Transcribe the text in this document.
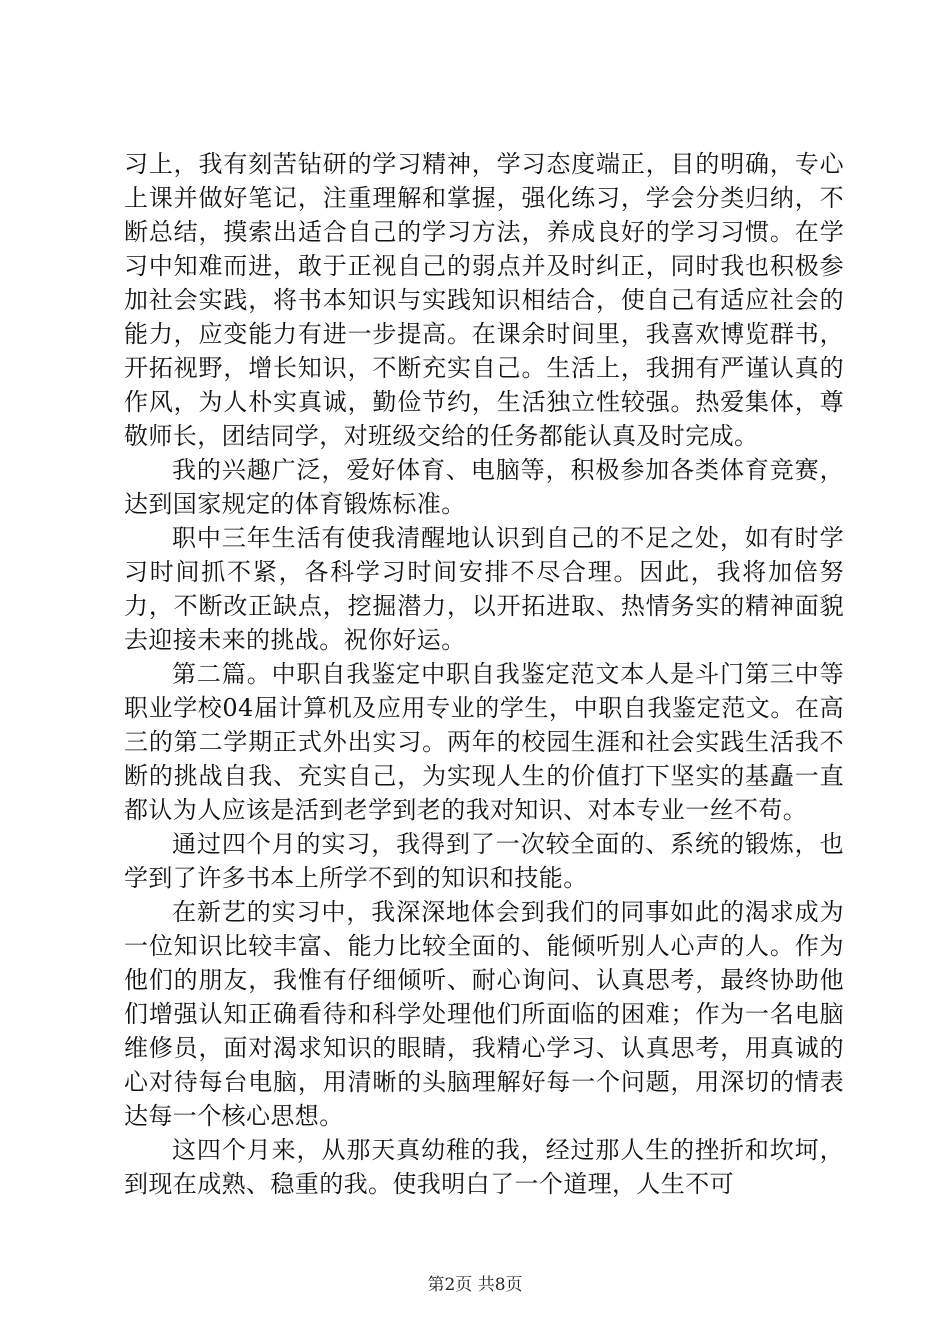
习上，我有刻苦钻研的学习精神，学习态度端正，目的明确，专心上课并做好笔记，注重理解和掌握，强化练习，学会分类归纳，不断总结，摸索出适合自己的学习方法，养成良好的学习习惯。在学习中知难而进，敢于正视自己的弱点并及时纠正，同时我也积极参加社会实践，将书本知识与实践知识相结合，使自己有适应社会的能力，应变能力有进一步提高。在课余时间里，我喜欢博览群书，开拓视野，增长知识，不断充实自己。生活上，我拥有严谨认真的作风，为人朴实真诚，勤俭节约，生活独立性较强。热爱集体，尊敬师长，团结同学，对班级交给的任务都能认真及时完成。

我的兴趣广泛，爱好体育、电脑等，积极参加各类体育竞赛，达到国家规定的体育锻炼标准。

职中三年生活有使我清醒地认识到自己的不足之处，如有时学习时间抓不紧，各科学习时间安排不尽合理。因此，我将加倍努力，不断改正缺点，挖掘潜力，以开拓进取、热情务实的精神面貌去迎接未来的挑战。祝你好运。

第二篇。中职自我鉴定中职自我鉴定范文本人是斗门第三中等职业学校04届计算机及应用专业的学生，中职自我鉴定范文。在高三的第二学期正式外出实习。两年的校园生涯和社会实践生活我不断的挑战自我、充实自己，为实现人生的价值打下坚实的基矗一直都认为人应该是活到老学到老的我对知识、对本专业一丝不苟。

通过四个月的实习，我得到了一次较全面的、系统的锻炼，也学到了许多书本上所学不到的知识和技能。

在新艺的实习中，我深深地体会到我们的同事如此的渴求成为一位知识比较丰富、能力比较全面的、能倾听别人心声的人。作为他们的朋友，我惟有仔细倾听、耐心询问、认真思考，最终协助他们增强认知正确看待和科学处理他们所面临的困难；作为一名电脑维修员，面对渴求知识的眼睛，我精心学习、认真思考，用真诚的心对待每台电脑，用清晰的头脑理解好每一个问题，用深切的情表达每一个核心思想。

这四个月来，从那天真幼稚的我，经过那人生的挫折和坎坷，到现在成熟、稳重的我。使我明白了一个道理，人生不可

第2页 共8页
